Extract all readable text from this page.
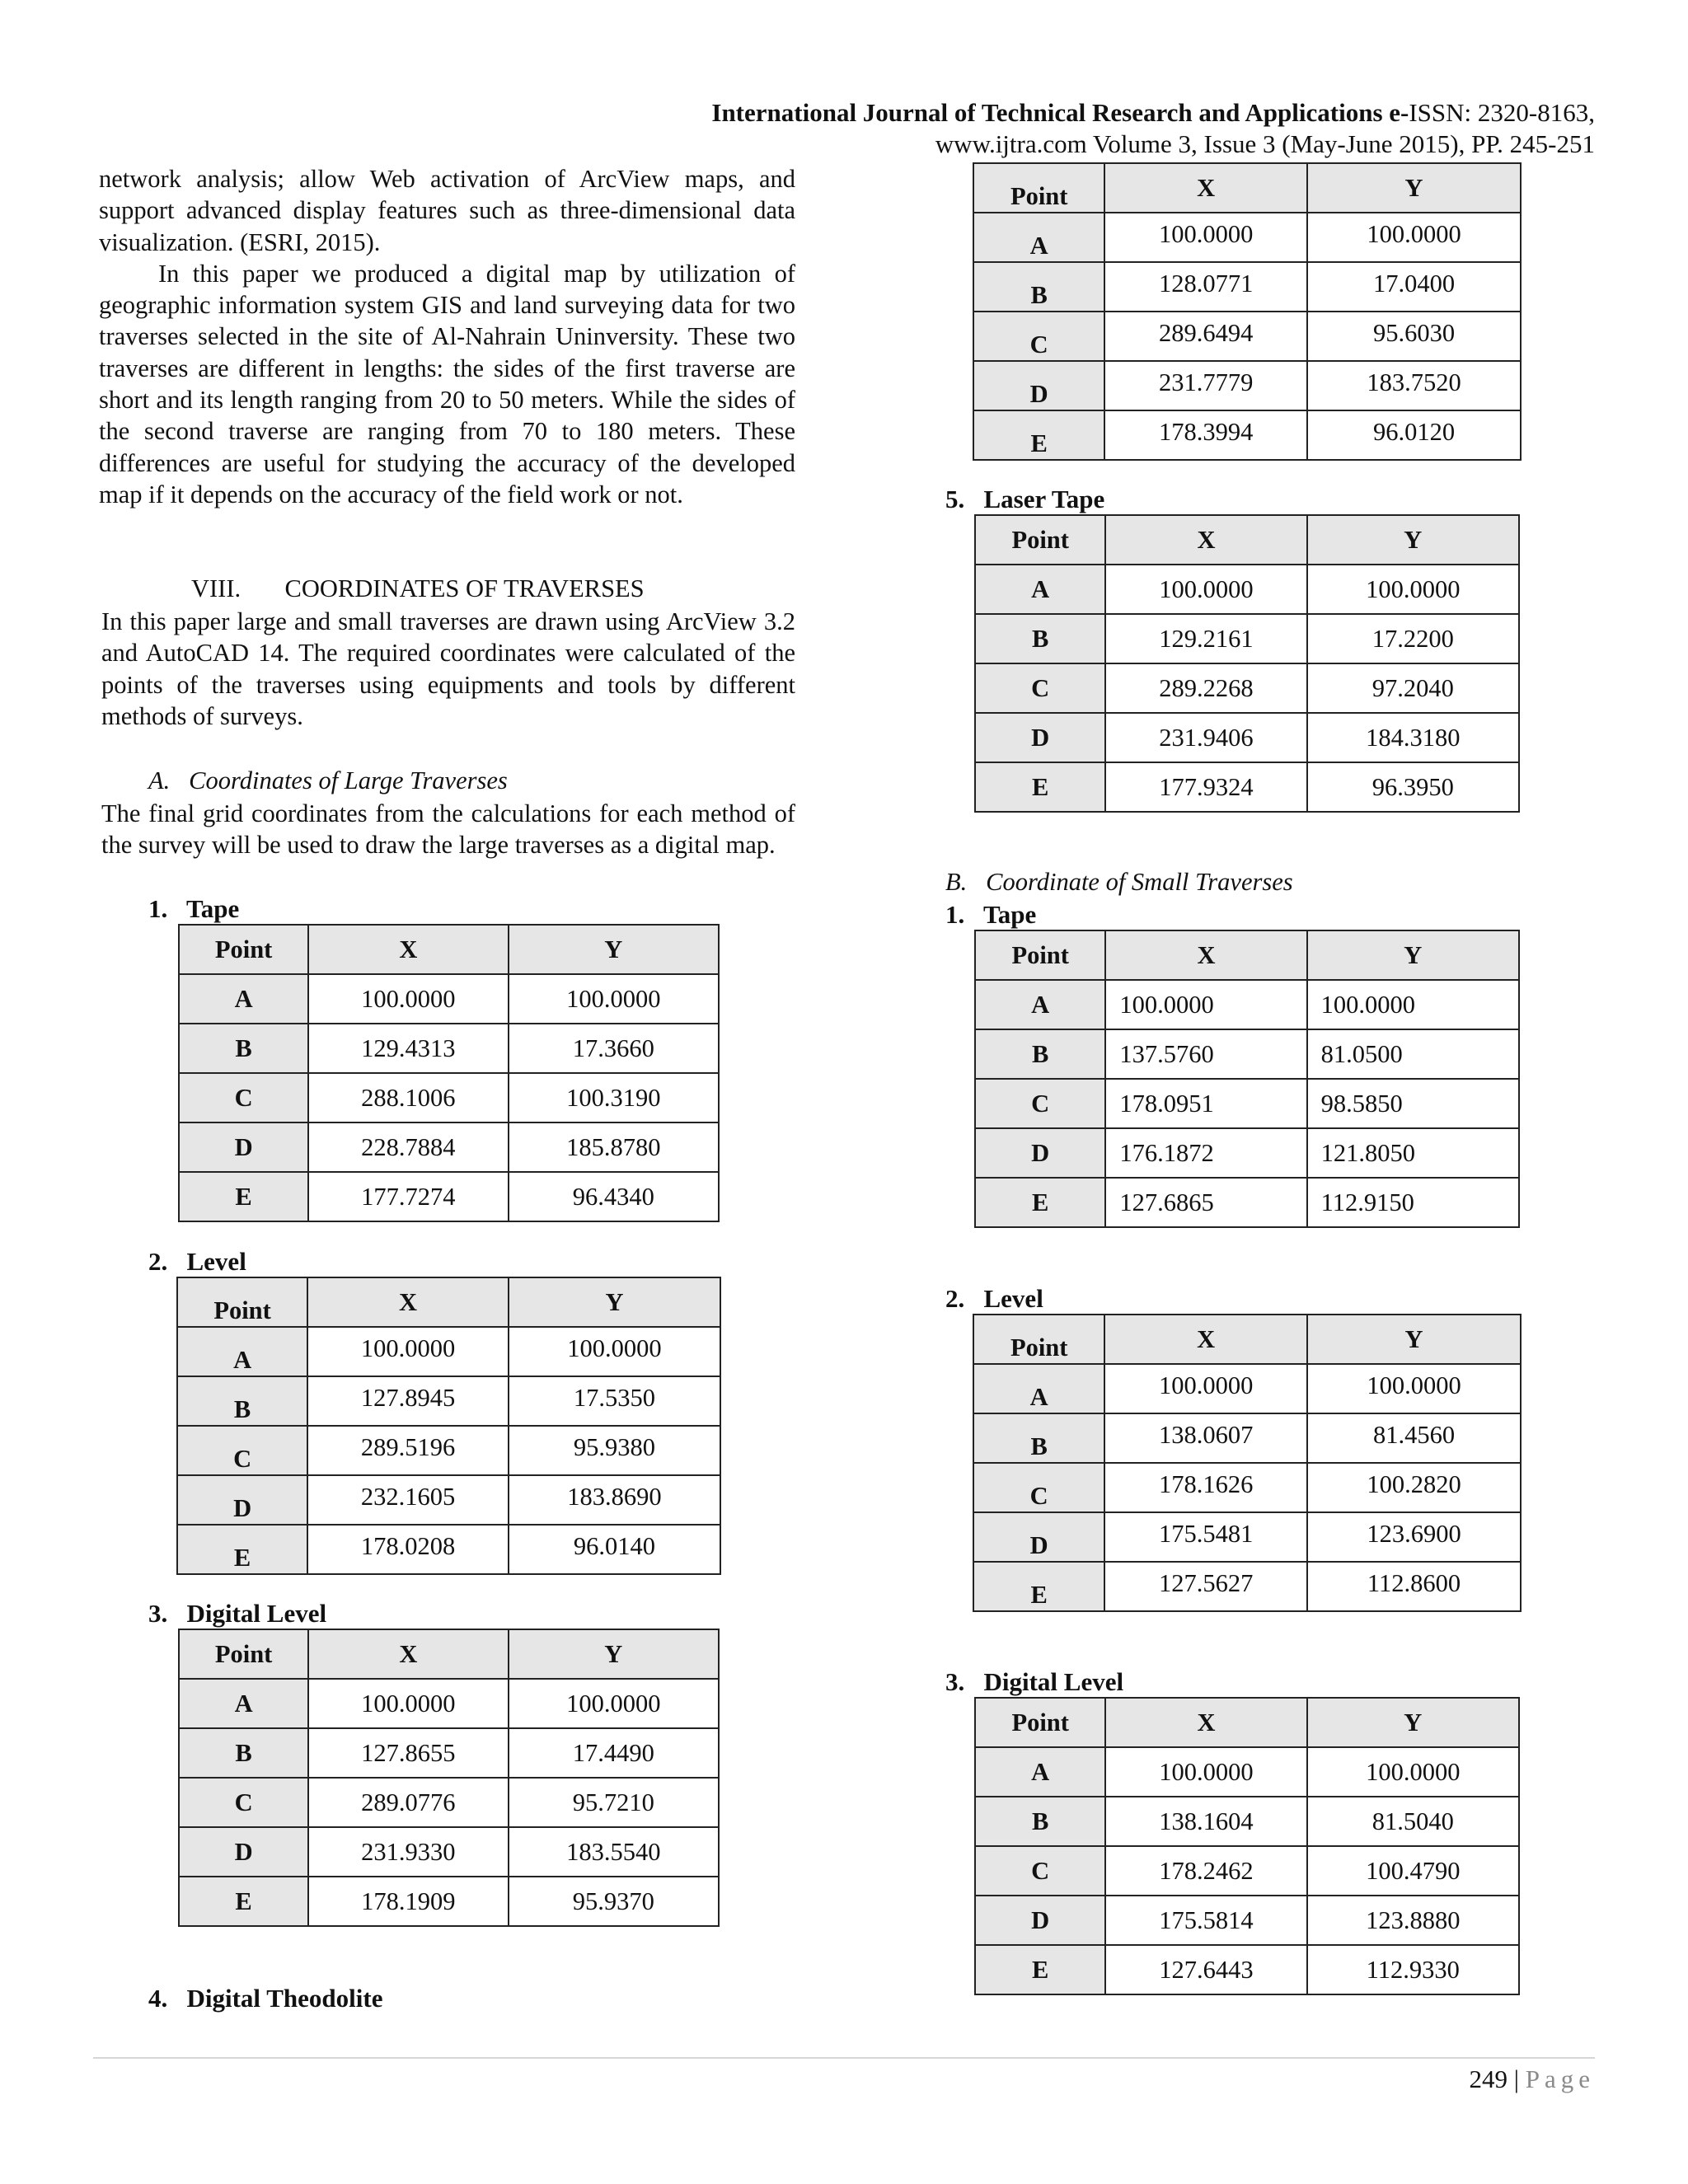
International Journal of Technical Research and Applications e-ISSN: 2320-8163,
www.ijtra.com Volume 3, Issue 3 (May-June 2015), PP. 245-251

network analysis; allow Web activation of ArcView maps, and support advanced display features such as three-dimensional data visualization. (ESRI, 2015).

In this paper we produced a digital map by utilization of geographic information system GIS and land surveying data for two traverses selected in the site of Al-Nahrain Uninversity. These two traverses are different in lengths: the sides of the first traverse are short and its length ranging from 20 to 50 meters. While the sides of the second traverse are ranging from 70 to 180 meters. These differences are useful for studying the accuracy of the developed map if it depends on the accuracy of the field work or not.

VIII. COORDINATES OF TRAVERSES

In this paper large and small traverses are drawn using ArcView 3.2 and AutoCAD 14. The required coordinates were calculated of the points of the traverses using equipments and tools by different methods of surveys.

A. Coordinates of Large Traverses

The final grid coordinates from the calculations for each method of the survey will be used to draw the large traverses as a digital map.

1.   Tape
Point	X	Y
A	100.0000	100.0000
B	129.4313	17.3660
C	288.1006	100.3190
D	228.7884	185.8780
E	177.7274	96.4340
2.   Level
Point	X	Y
A	100.0000	100.0000
B	127.8945	17.5350
C	289.5196	95.9380
D	232.1605	183.8690
E	178.0208	96.0140
3.   Digital Level
Point	X	Y
A	100.0000	100.0000
B	127.8655	17.4490
C	289.0776	95.7210
D	231.9330	183.5540
E	178.1909	95.9370
4.   Digital Theodolite
Point	X	Y
A	100.0000	100.0000
B	128.0771	17.0400
C	289.6494	95.6030
D	231.7779	183.7520
E	178.3994	96.0120
5.   Laser Tape
Point	X	Y
A	100.0000	100.0000
B	129.2161	17.2200
C	289.2268	97.2040
D	231.9406	184.3180
E	177.9324	96.3950
B. Coordinate of Small Traverses
1.   Tape
Point	X	Y
A	100.0000	100.0000
B	137.5760	81.0500
C	178.0951	98.5850
D	176.1872	121.8050
E	127.6865	112.9150
2.   Level
Point	X	Y
A	100.0000	100.0000
B	138.0607	81.4560
C	178.1626	100.2820
D	175.5481	123.6900
E	127.5627	112.8600
3.   Digital Level
Point	X	Y
A	100.0000	100.0000
B	138.1604	81.5040
C	178.2462	100.4790
D	175.5814	123.8880
E	127.6443	112.9330
249 | Page
